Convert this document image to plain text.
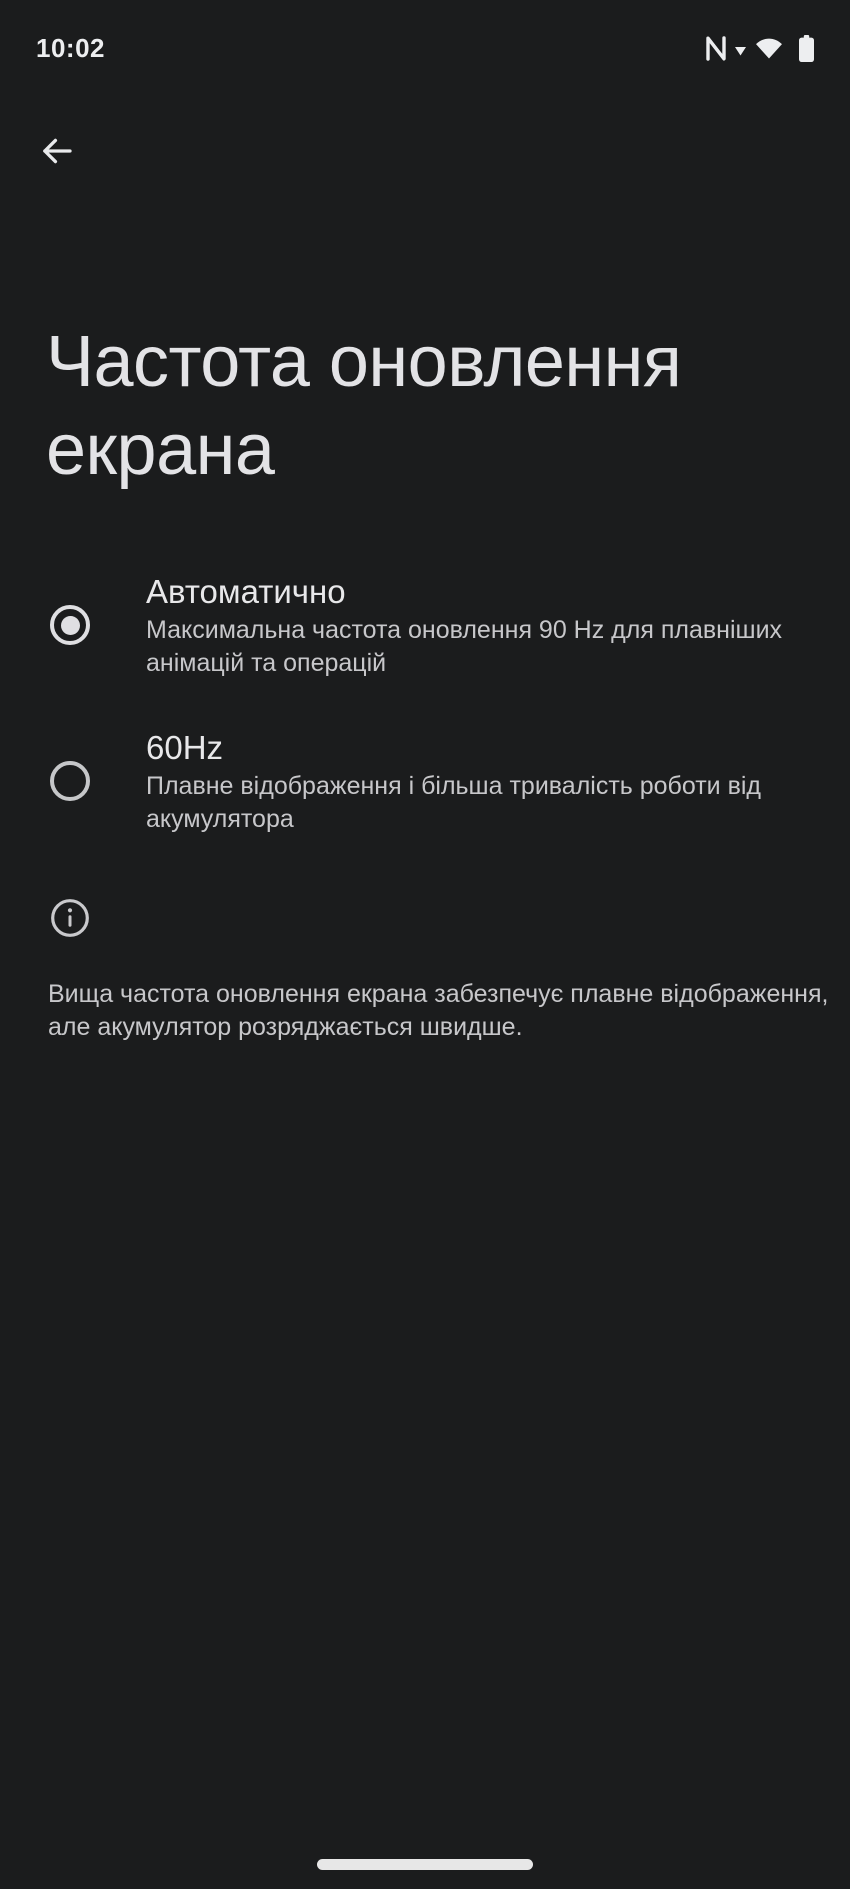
10:02
Частота оновлення
екрана
Автоматично
Максимальна частота оновлення 90 Hz для плавніших
анімацій та операцій
60Hz
Плавне відображення і більша тривалість роботи від
акумулятора
Вища частота оновлення екрана забезпечує плавне відображення,
але акумулятор розряджається швидше.
